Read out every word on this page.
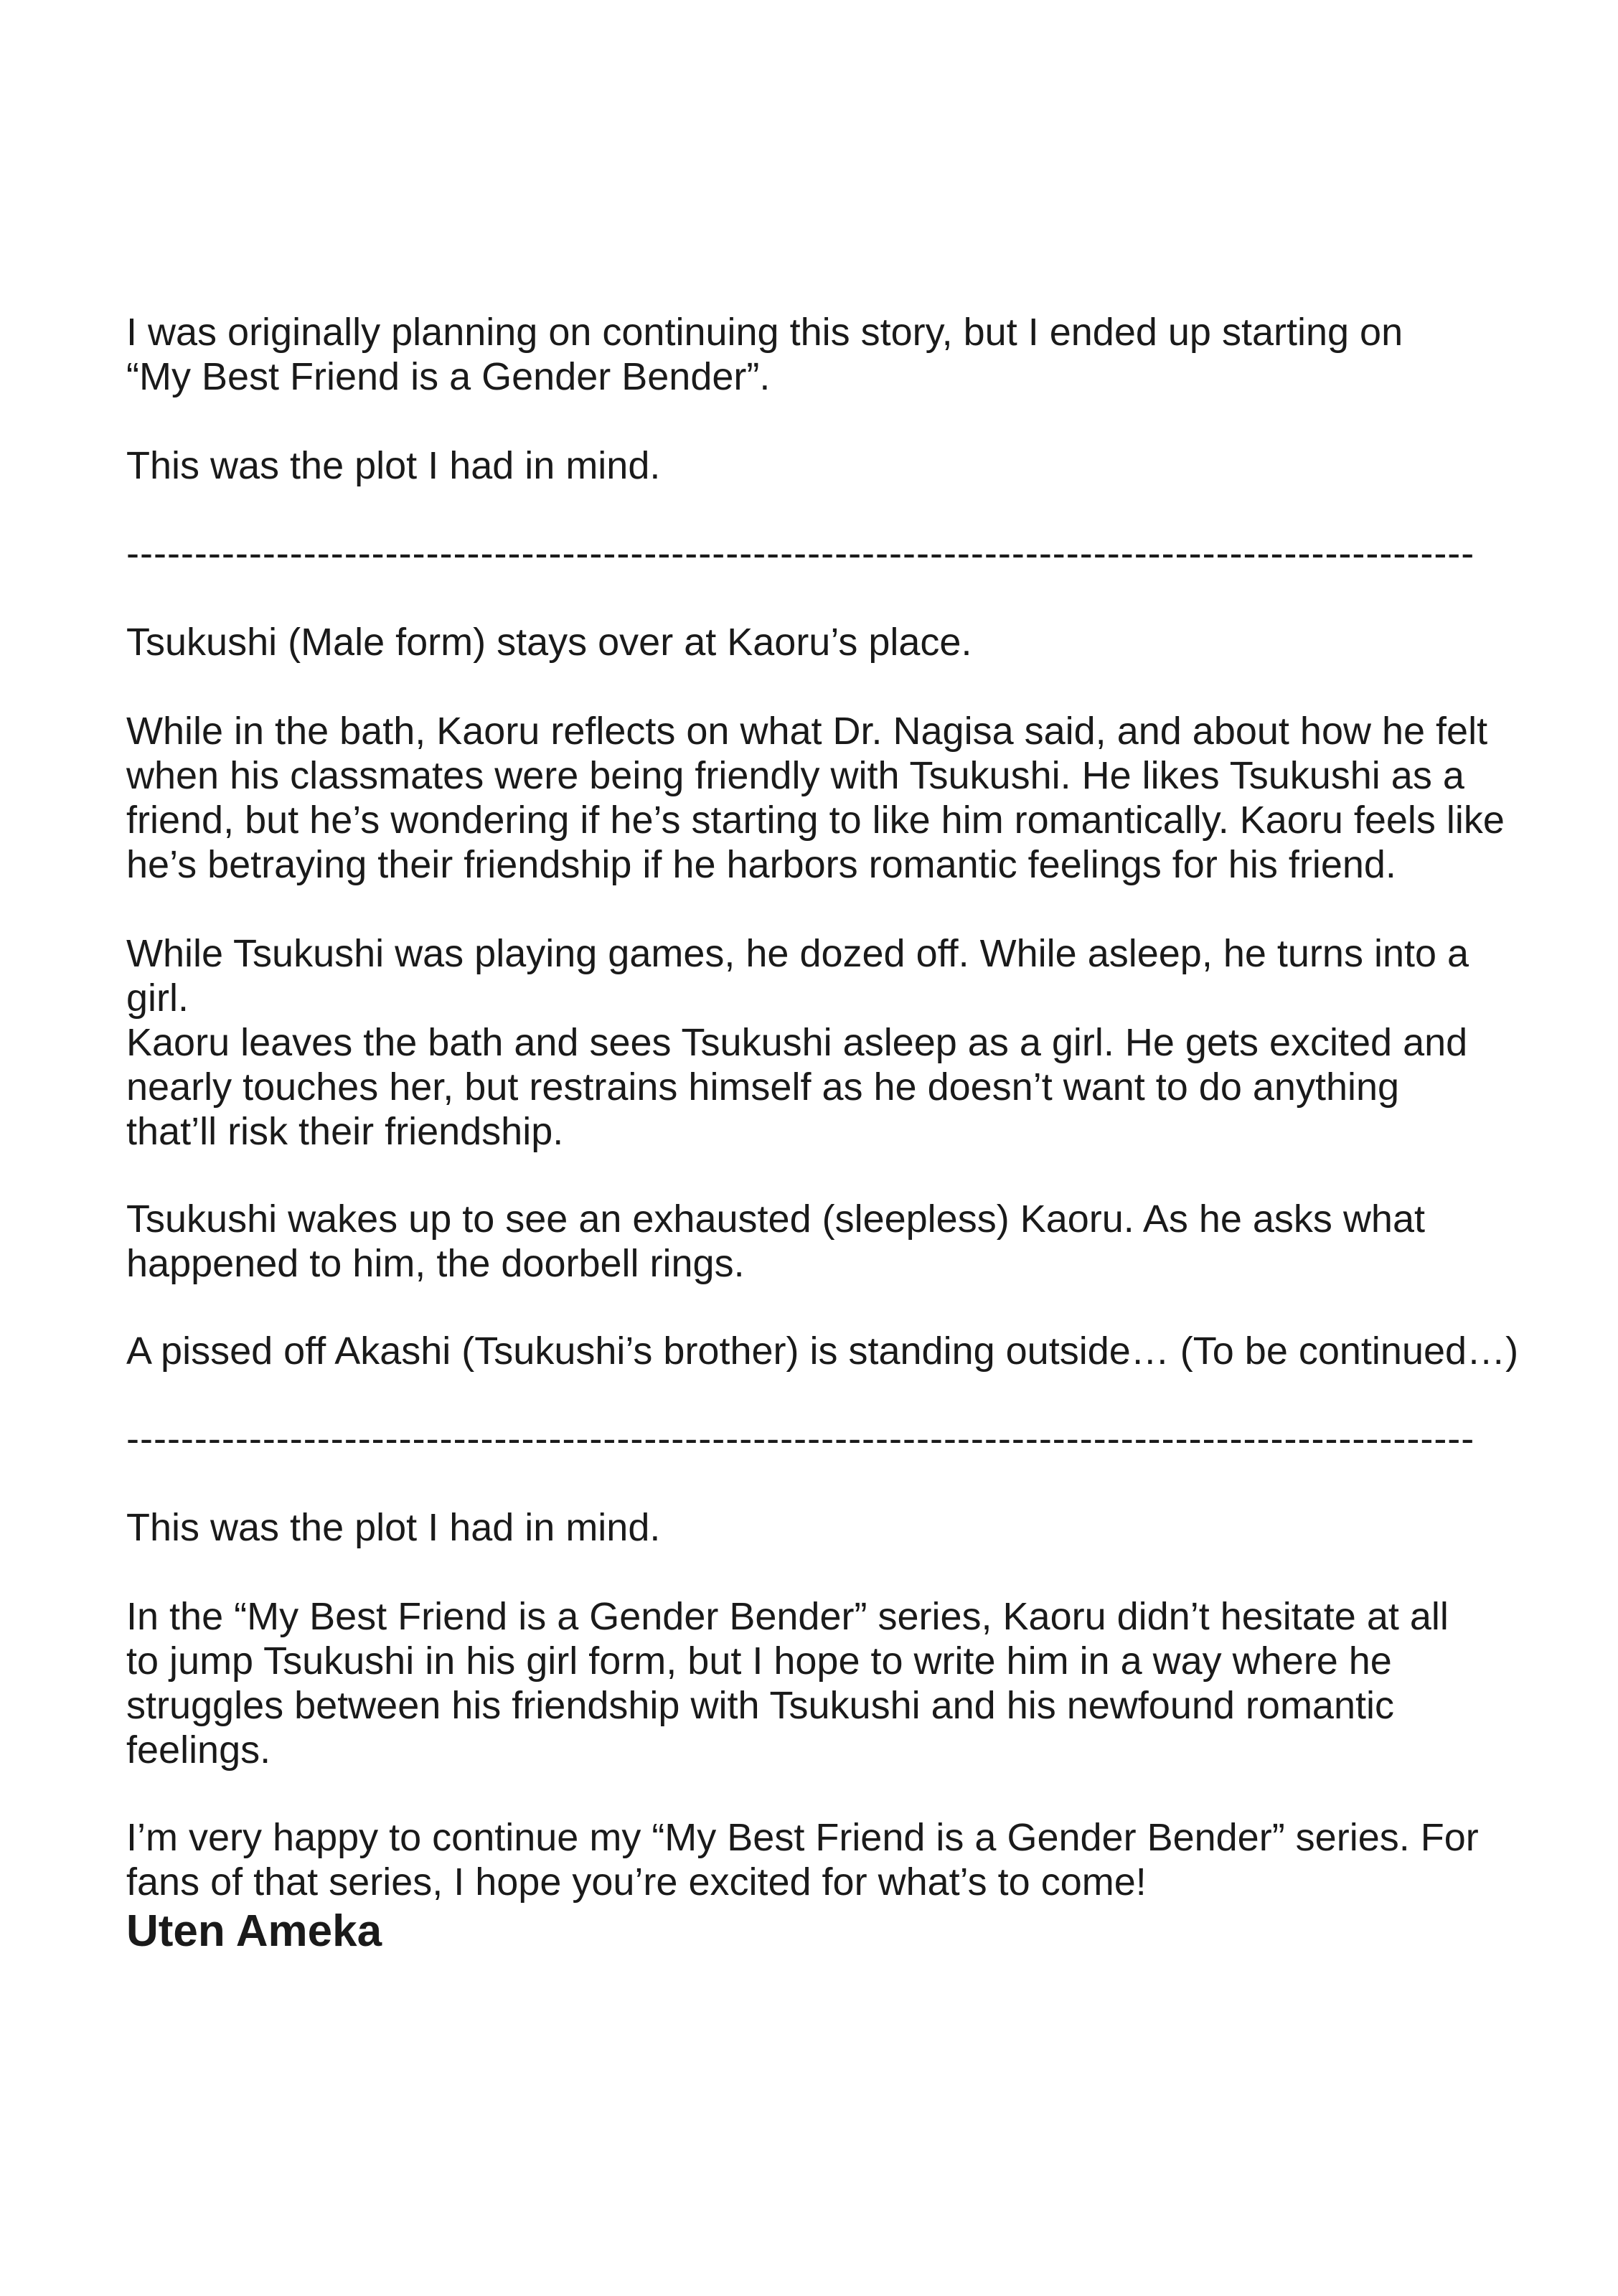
I was originally planning on continuing this story, but I ended up starting on
“My Best Friend is a Gender Bender”.

This was the plot I had in mind.

---------------------------------------------------------------------------------------------------

Tsukushi (Male form) stays over at Kaoru’s place.

While in the bath, Kaoru reflects on what Dr. Nagisa said, and about how he felt
when his classmates were being friendly with Tsukushi. He likes Tsukushi as a
friend, but he’s wondering if he’s starting to like him romantically. Kaoru feels like
he’s betraying their friendship if he harbors romantic feelings for his friend.

While Tsukushi was playing games, he dozed off. While asleep, he turns into a girl.

Kaoru leaves the bath and sees Tsukushi asleep as a girl. He gets excited and
nearly touches her, but restrains himself as he doesn’t want to do anything
that’ll risk their friendship.

Tsukushi wakes up to see an exhausted (sleepless) Kaoru. As he asks what
happened to him, the doorbell rings.

A pissed off Akashi (Tsukushi’s brother) is standing outside… (To be continued…)

---------------------------------------------------------------------------------------------------

This was the plot I had in mind.

In the “My Best Friend is a Gender Bender” series, Kaoru didn’t hesitate at all
to jump Tsukushi in his girl form, but I hope to write him in a way where he
struggles between his friendship with Tsukushi and his newfound romantic
feelings.

I’m very happy to continue my “My Best Friend is a Gender Bender” series. For
fans of that series, I hope you’re excited for what’s to come!

Uten Ameka
